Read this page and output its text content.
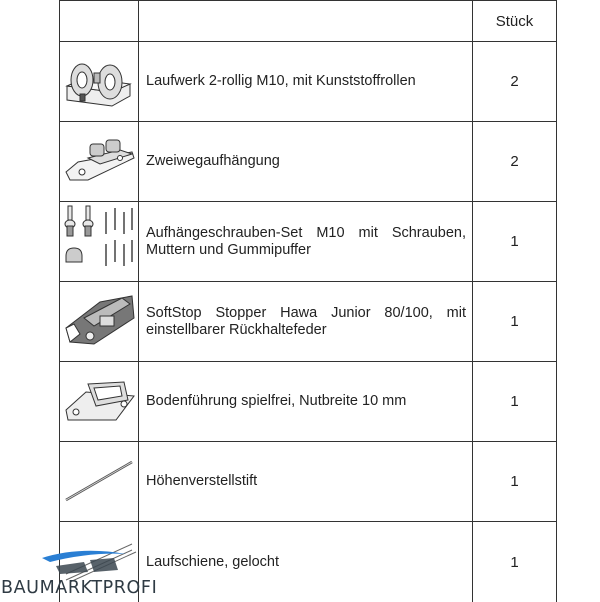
		Stück

	Laufwerk 2-rollig M10, mit Kunststoffrollen	2

	Zweiwegaufhängung	2

	Aufhängeschrauben-Set M10 mit Schrauben, Muttern und Gummipuffer	1

	SoftStop Stopper Hawa Junior 80/100, mit einstellbarer Rückhaltefeder	1

	Bodenführung spielfrei, Nutbreite 10 mm	1

	Höhenverstellstift	1

	Laufschiene, gelocht	1
BAUMARKTPROFI
